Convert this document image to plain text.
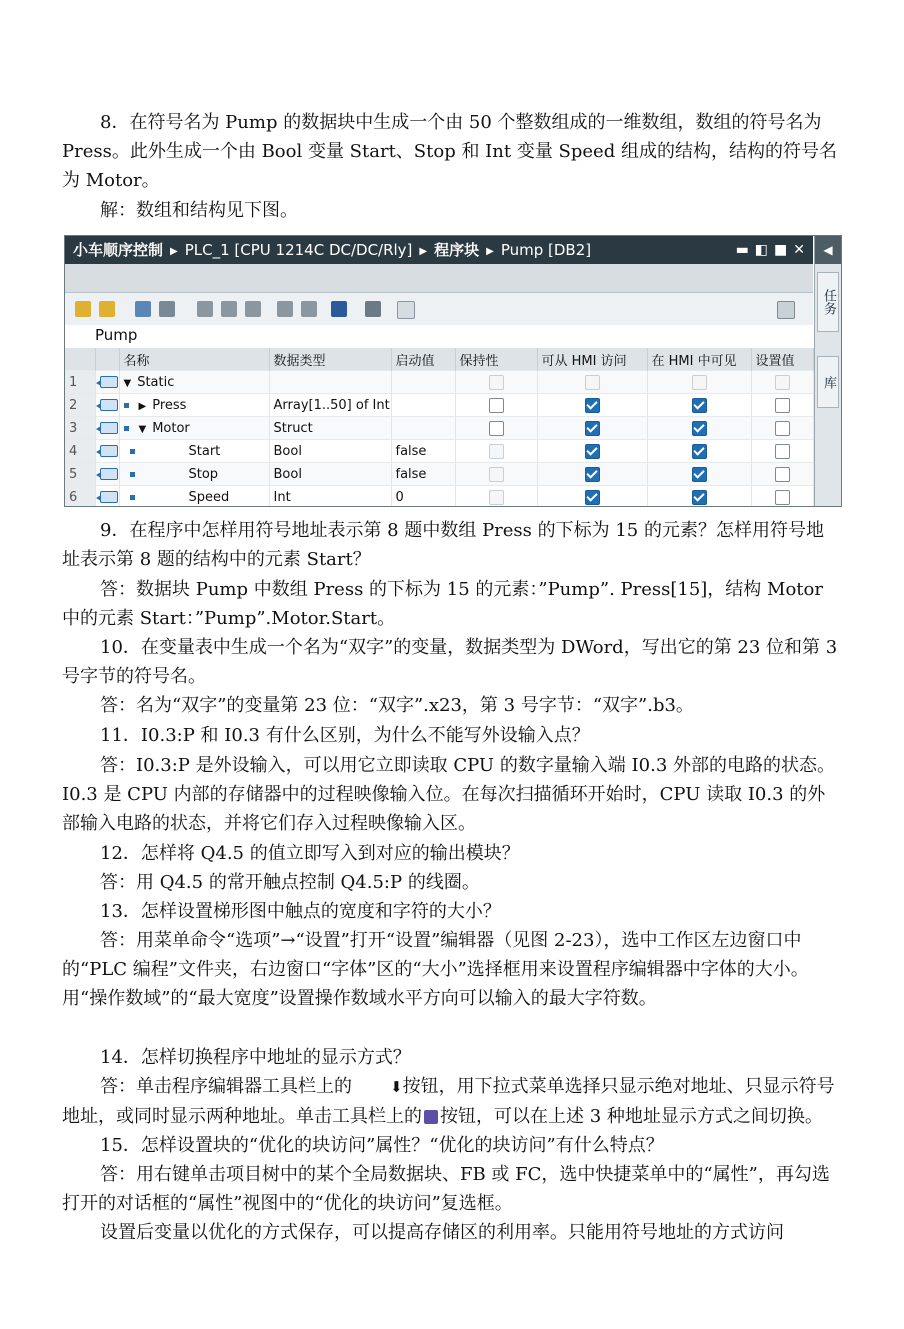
8．在符号名为 Pump 的数据块中生成一个由 50 个整数组成的一维数组，数组的符号名为 Press。此外生成一个由 Bool 变量 Start、Stop 和 Int 变量 Speed 组成的结构，结构的符号名为 Motor。

解：数组和结构见下图。

小车顺序控制 ▶ PLC_1 [CPU 1214C DC/DC/Rly] ▶ 程序块 ▶ Pump [DB2]	▬ ◧ ■ ✕	◀
任务
库
Pump
		名称	数据类型	启动值	保持性	可从 HMI 访问	在 HMI 中可见	设置值
1		▼ Static						
2		▶ Press	Array[1..50] of Int					
3		▼ Motor	Struct					
4		Start	Bool	false				
5		Stop	Bool	false				
6		Speed	Int	0				

9．在程序中怎样用符号地址表示第 8 题中数组 Press 的下标为 15 的元素？怎样用符号地址表示第 8 题的结构中的元素 Start？

答：数据块 Pump 中数组 Press 的下标为 15 的元素：”Pump”. Press[15]，结构 Motor 中的元素 Start：”Pump”.Motor.Start。

10．在变量表中生成一个名为“双字”的变量，数据类型为 DWord，写出它的第 23 位和第 3 号字节的符号名。

答：名为“双字”的变量第 23 位：“双字”.x23，第 3 号字节：“双字”.b3。

11．I0.3:P 和 I0.3 有什么区别，为什么不能写外设输入点？

答：I0.3:P 是外设输入，可以用它立即读取 CPU 的数字量输入端 I0.3 外部的电路的状态。I0.3 是 CPU 内部的存储器中的过程映像输入位。在每次扫描循环开始时，CPU 读取 I0.3 的外部输入电路的状态，并将它们存入过程映像输入区。

12．怎样将 Q4.5 的值立即写入到对应的输出模块？

答：用 Q4.5 的常开触点控制 Q4.5:P 的线圈。

13．怎样设置梯形图中触点的宽度和字符的大小？

答：用菜单命令“选项”→“设置”打开“设置”编辑器（见图 2-23），选中工作区左边窗口中的“PLC 编程”文件夹，右边窗口“字体”区的“大小”选择框用来设置程序编辑器中字体的大小。用“操作数域”的“最大宽度”设置操作数域水平方向可以输入的最大字符数。

14．怎样切换程序中地址的显示方式？

答：单击程序编辑器工具栏上的	⬇按钮，用下拉式菜单选择只显示绝对地址、只显示符号地址，或同时显示两种地址。单击工具栏上的 按钮，可以在上述 3 种地址显示方式之间切换。

15．怎样设置块的“优化的块访问”属性？“优化的块访问”有什么特点？

答：用右键单击项目树中的某个全局数据块、FB 或 FC，选中快捷菜单中的“属性”，再勾选打开的对话框的“属性”视图中的“优化的块访问”复选框。

设置后变量以优化的方式保存，可以提高存储区的利用率。只能用符号地址的方式访问
